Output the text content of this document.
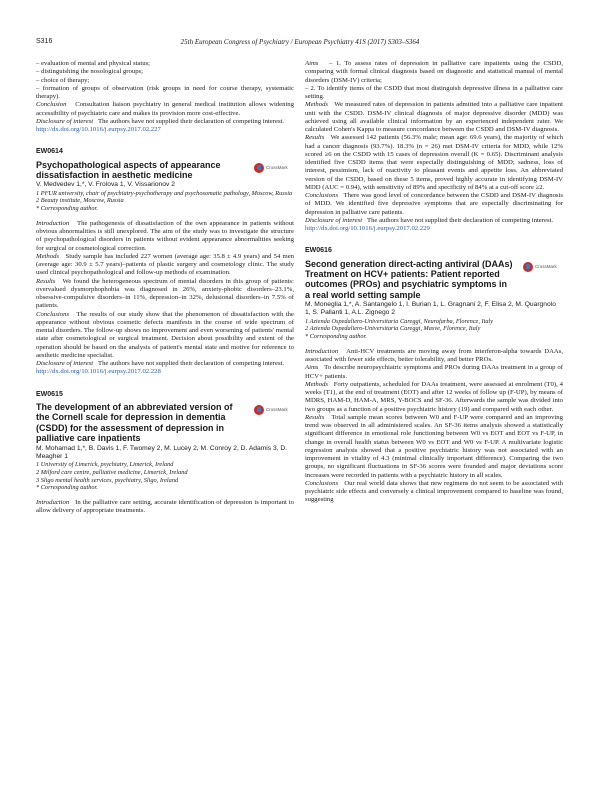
S316	25th European Congress of Psychiatry / European Psychiatry 41S (2017) S303–S364

– evaluation of mental and physical status;

– distinguishing the nosological groups;

– choice of therapy;

– formation of groups of observation (risk groups in need for course therapy, systematic therapy).

Conclusion Consultation liaison psychiatry in general medical institution allows widening accessibility of psychiatric care and makes its provision more cost-effective.

Disclosure of interest The authors have not supplied their declaration of competing interest.

http://dx.doi.org/10.1016/j.eurpsy.2017.02.227

EW0614
Psychopathological aspects of appearance dissatisfaction in aesthetic medicine
CrossMark
V. Medvedev 1,*, V. Frolova 1, V. Vissarionov 2
1 PFUR university, chair of psychiatry-psychotherapy and psychosomatic pathology, Moscow, Russia
2 Beauty institute, Moscow, Russia
* Corresponding author.

Introduction The pathogenesis of dissatisfaction of the own appearance in patients without obvious abnormalities is still unexplored. The aim of the study was to investigate the structure of psychopathological disorders in patients without evident appearance abnormalities seeking for surgical or cosmetological correction.

Methods Study sample has included 227 women (average age: 35.8 ± 4.9 years) and 54 men (average age: 30.9 ± 5.7 years)–patients of plastic surgery and cosmetology clinic. The study used clinical psychopathological and follow-up methods of examination.

Results We found the heterogeneous spectrum of mental disorders in this group of patients: overvalued dysmorphophobia was diagnosed in 26%, anxiety-phobic disorders–23.1%, obsessive-compulsive disorders–in 11%, depression–in 32%, delusional disorders–in 7.5% of patients.

Conclusions The results of our study show that the phenomenon of dissatisfaction with the appearance without obvious cosmetic defects manifests in the course of wide spectrum of mental disorders. The follow-up shows no improvement and even worsening of patients' mental state after cosmetological or surgical treatment. Decision about possibility and extent of the operation should be based on the analysis of patient's mental state and motive for reference to aesthetic medicine specialist.

Disclosure of interest The authors have not supplied their declaration of competing interest.

http://dx.doi.org/10.1016/j.eurpsy.2017.02.228

EW0615
The development of an abbreviated version of the Cornell scale for depression in dementia (CSDD) for the assessment of depression in palliative care inpatients
CrossMark
M. Mohamad 1,*, B. Davis 1, F. Twomey 2, M. Lucey 2, M. Conroy 2, D. Adamis 3, D. Meagher 1
1 University of Limerick, psychiatry, Limerick, Ireland
2 Milford care centre, palliative medicine, Limerick, Ireland
3 Sligo mental health services, psychiatry, Sligo, Ireland
* Corresponding author.

Introduction In the palliative care setting, accurate identification of depression is important to allow delivery of appropriate treatments.

Aims – 1. To assess rates of depression in palliative care inpatients using the CSDD, comparing with formal clinical diagnosis based on diagnostic and statistical manual of mental disorders (DSM-IV) criteria;

– 2. To identify items of the CSDD that most distinguish depressive illness in a palliative care setting.

Methods We measured rates of depression in patients admitted into a palliative care inpatient unit with the CSDD. DSM-IV clinical diagnosis of major depressive disorder (MDD) was achieved using all available clinical information by an experienced independent rater. We calculated Cohen's Kappa to measure concordance between the CSDD and DSM-IV diagnosis.

Results We assessed 142 patients (56.3% male; mean age: 69.6 years), the majority of which had a cancer diagnosis (93.7%). 18.3% (n = 26) met DSM-IV criteria for MDD, while 12% scored ≥6 on the CSDD with 15 cases of depression overall (K = 0.65). Discriminant analysis identified five CSDD items that were especially distinguishing of MDD; sadness, loss of interest, pessimism, lack of reactivity to pleasant events and appetite loss. An abbreviated version of the CSDD, based on these 5 items, proved highly accurate in identifying DSM-IV MDD (AUC = 0.94), with sensitivity of 89% and specificity of 84% at a cut-off score ≥2.

Conclusions There was good level of concordance between the CSDD and DSM-IV diagnosis of MDD. We identified five depressive symptoms that are especially discriminating for depression in palliative care patients.

Disclosure of interest The authors have not supplied their declaration of competing interest.

http://dx.doi.org/10.1016/j.eurpsy.2017.02.229

EW0616
Second generation direct-acting antiviral (DAAs) Treatment on HCV+ patients: Patient reported outcomes (PROs) and psychiatric symptoms in a real world setting sample
CrossMark
M. Moneglia 1,*, A. Santangelo 1, I. Burian 1, L. Gragnani 2, F. Elisa 2, M. Quargnolo 1, S. Pallanti 1, A.L. Zignego 2
1 Azienda Ospedaliero-Universitaria Careggi, Neurofarba, Florence, Italy
2 Azienda Ospedaliero-Universitaria Careggi, Masve, Florence, Italy
* Corresponding author.

Introduction Anti-HCV treatments are moving away from interferon-alpha towards DAAs, associated with fewer side effects, better tolerability, and better PROs.

Aims To describe neuropsychiatric symptoms and PROs during DAAs treatment in a group of HCV+ patients.

Methods Forty outpatients, scheduled for DAAs treatment, were assessed at enrolment (T0), 4 weeks (T1), at the end of treatment (EOT) and after 12 weeks of follow up (F-UP), by means of MDRS, HAM-D, HAM-A, MRS, Y-BOCS and SF-36. Afterwards the sample was divided into two groups as a function of a positive psychiatric history (19) and compared with each other.

Results Total sample mean scores between W0 and F-UP were compared and an improving trend was observed in all administered scales. An SF-36 items analysis showed a statistically significant difference in emotional role functioning between W0 vs EOT and EOT vs F-UP, in change in overall health status between W0 vs EOT and W0 vs F-UP. A multivariate logistic regression analysis showed that a positive psychiatric history was not associated with an improvement in vitality of 4.3 (minimal clinically important difference). Comparing the two groups, no significant fluctuations in SF-36 scores were founded and major deviations score increases were recorded in patients with a psychiatric history in all scales.

Conclusions Our real world data shows that new regimens do not seem to be associated with psychiatric side effects and conversely a clinical improvement compared to baseline was found, suggesting
